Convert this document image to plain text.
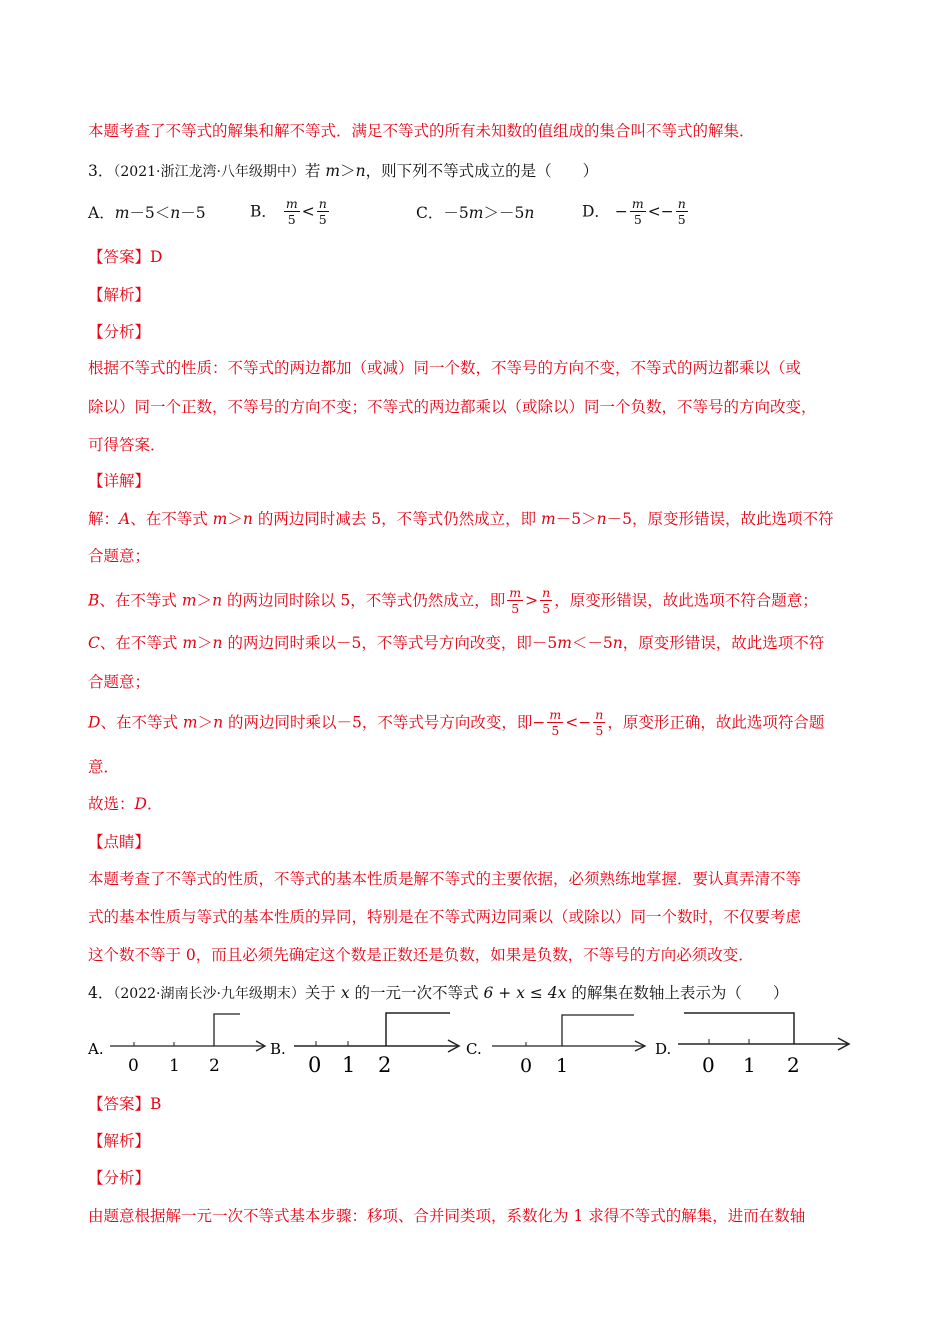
本题考查了不等式的解集和解不等式．满足不等式的所有未知数的值组成的集合叫不等式的解集．
3．（2021·浙江龙湾·八年级期中）若 m＞n，则下列不等式成立的是（　　）
A．m－5＜n－5	B． $\frac{m}{5} < \frac{n}{5}$	C．－5m＞－5n	D． − $\frac{m}{5} <- \frac{n}{5}$
【答案】D
【解析】
【分析】
根据不等式的性质：不等式的两边都加（或减）同一个数，不等号的方向不变，不等式的两边都乘以（或
除以）同一个正数，不等号的方向不变；不等式的两边都乘以（或除以）同一个负数，不等号的方向改变，
可得答案．
【详解】
解：A、在不等式 m＞n 的两边同时减去 5，不等式仍然成立，即 m－5＞n－5，原变形错误，故此选项不符
合题意；
B、在不等式 m＞n 的两边同时除以 5，不等式仍然成立，即 $\frac{m}{5} > \frac{n}{5}$ ，原变形错误，故此选项不符合题意；
C、在不等式 m＞n 的两边同时乘以－5，不等式号方向改变，即－5m＜－5n，原变形错误，故此选项不符
合题意；
D、在不等式 m＞n 的两边同时乘以－5，不等式号方向改变，即− $\frac{m}{5} <- \frac{n}{5}$ ，原变形正确，故此选项符合题
意．
故选：D．
【点睛】
本题考查了不等式的性质，不等式的基本性质是解不等式的主要依据，必须熟练地掌握．要认真弄清不等
式的基本性质与等式的基本性质的异同，特别是在不等式两边同乘以（或除以）同一个数时，不仅要考虑
这个数不等于 0，而且必须先确定这个数是正数还是负数，如果是负数，不等号的方向必须改变．
4．（2022·湖南长沙·九年级期末）关于 x 的一元一次不等式 6 + x ≤ 4x 的解集在数轴上表示为（　　）
A.
0 1 2
B.
0 1 2
C.
0 1
D.
0 1 2
【答案】B
【解析】
【分析】
由题意根据解一元一次不等式基本步骤：移项、合并同类项，系数化为 1 求得不等式的解集，进而在数轴
